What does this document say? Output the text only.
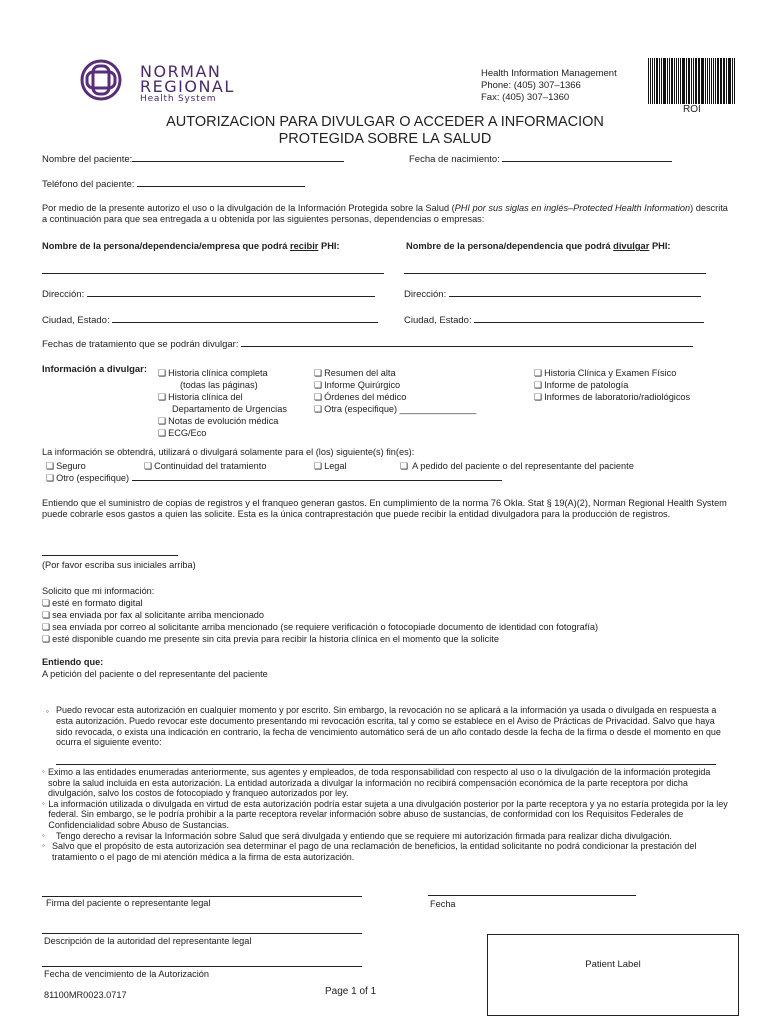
NORMAN
REGIONAL
Health System
Health Information Management
Phone: (405) 307–1366
Fax: (405) 307–1360
ROI
AUTORIZACION PARA DIVULGAR O ACCEDER A INFORMACION
PROTEGIDA SOBRE LA SALUD
Nombre del paciente:	Fecha de nacimiento:
Teléfono del paciente:
Por medio de la presente autorizo el uso o la divulgación de la Información Protegida sobre la Salud (PHI por sus siglas en inglés–Protected Health Information) descrita a continuación para que sea entregada a u obtenida por las siguientes personas, dependencias o empresas:
Nombre de la persona/dependencia/empresa que podrá recibir PHI:	Nombre de la persona/dependencia que podrá divulgar PHI:
Dirección:	Dirección:
Ciudad, Estado:	Ciudad, Estado:
Fechas de tratamiento que se podrán divulgar:
Información a divulgar:	❏ Historia clínica completa
(todas las páginas)
❏ Historia clínica del
Departamento de Urgencias
❏ Notas de evolución médica
❏ ECG/Eco
❏ Resumen del alta
❏ Informe Quirúrgico
❏ Órdenes del médico
❏ Otra (especifique) _______________
❏ Historia Clínica y Examen Físico
❏ Informe de patología
❏ Informes de laboratorio/radiológicos
La información se obtendrá, utilizará o divulgará solamente para el (los) siguiente(s) fin(es):
❏ Seguro	❏ Continuidad del tratamiento	❏ Legal ❏	A pedido del paciente o del representante del paciente
❏ Otro (especifique)
Entiendo que el suministro de copias de registros y el franqueo generan gastos. En cumplimiento de la norma 76 Okla. Stat § 19(A)(2), Norman Regional Health System puede cobrarle esos gastos a quien las solicite. Esta es la única contraprestación que puede recibir la entidad divulgadora para la producción de registros.
(Por favor escriba sus iniciales arriba)
Solicito que mi información:
❏ esté en formato digital
❏ sea enviada por fax al solicitante arriba mencionado
❏ sea enviada por correo al solicitante arriba mencionado (se requiere verificación o fotocopiade documento de identidad con fotografía)
❏ esté disponible cuando me presente sin cita previa para recibir la historia clínica en el momento que la solicite
Entiendo que:
A petición del paciente o del representante del paciente
◦ Puedo revocar esta autorización en cualquier momento y por escrito. Sin embargo, la revocación no se aplicará a la información ya usada o divulgada en respuesta a esta autorización. Puedo revocar este documento presentando mi revocación escrita, tal y como se establece en el Aviso de Prácticas de Privacidad. Salvo que haya sido revocada, o exista una indicación en contrario, la fecha de vencimiento automático será de un año contado desde la fecha de la firma o desde el momento en que ocurra el siguiente evento:
◦ Eximo a las entidades enumeradas anteriormente, sus agentes y empleados, de toda responsabilidad con respecto al uso o la divulgación de la información protegida sobre la salud incluida en esta autorización. La entidad autorizada a divulgar la información no recibirá compensación económica de la parte receptora por dicha divulgación, salvo los costos de fotocopiado y franqueo autorizados por ley.
◦ La información utilizada o divulgada en virtud de esta autorización podría estar sujeta a una divulgación posterior por la parte receptora y ya no estaría protegida por la ley federal. Sin embargo, se le podría prohibir a la parte receptora revelar información sobre abuso de sustancias, de conformidad con los Requisitos Federales de Confidencialidad sobre Abuso de Sustancias.
◦	Tengo derecho a revisar la Información sobre Salud que será divulgada y entiendo que se requiere mi autorización firmada para realizar dicha divulgación.
◦ Salvo que el propósito de esta autorización sea determinar el pago de una reclamación de beneficios, la entidad solicitante no podrá condicionar la prestación del tratamiento o el pago de mi atención médica a la firma de esta autorización.
Firma del paciente o representante legal	Fecha
Descripción de la autoridad del representante legal
Fecha de vencimiento de la Autorización
Patient Label
81100MR0023.0717	Page 1 of 1
